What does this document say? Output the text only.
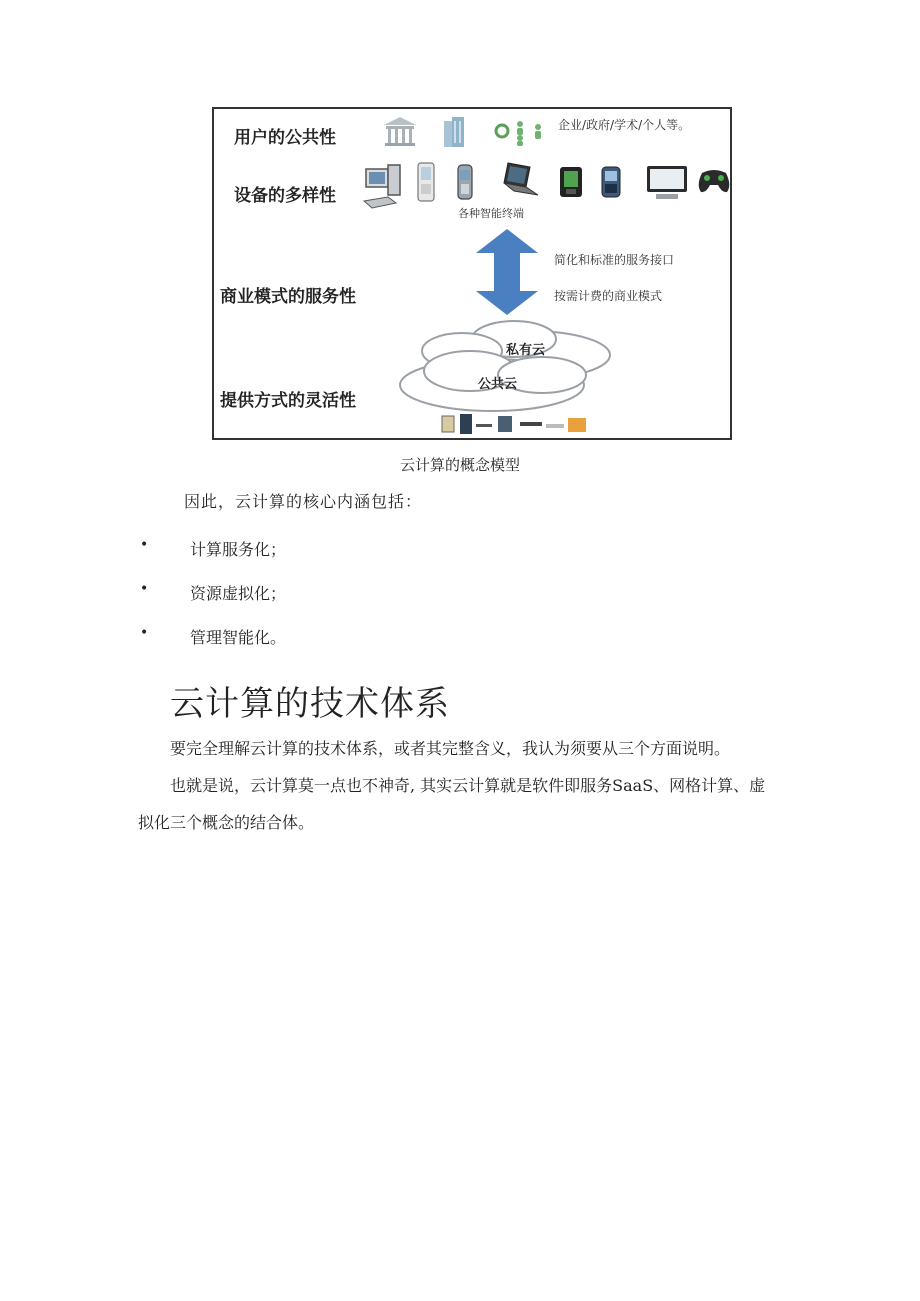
用户的公共性
设备的多样性
商业模式的服务性
提供方式的灵活性
企业/政府/学术/个人等。
各种智能终端
简化和标准的服务接口
按需计费的商业模式
私有云
公共云
云计算的概念模型
因此，云计算的核心内涵包括：
•	计算服务化；
•	资源虚拟化；
•	管理智能化。
云计算的技术体系
要完全理解云计算的技术体系，或者其完整含义，我认为须要从三个方面说明。
也就是说，云计算莫一点也不神奇, 其实云计算就是软件即服务SaaS、网格计算、虚
拟化三个概念的结合体。
